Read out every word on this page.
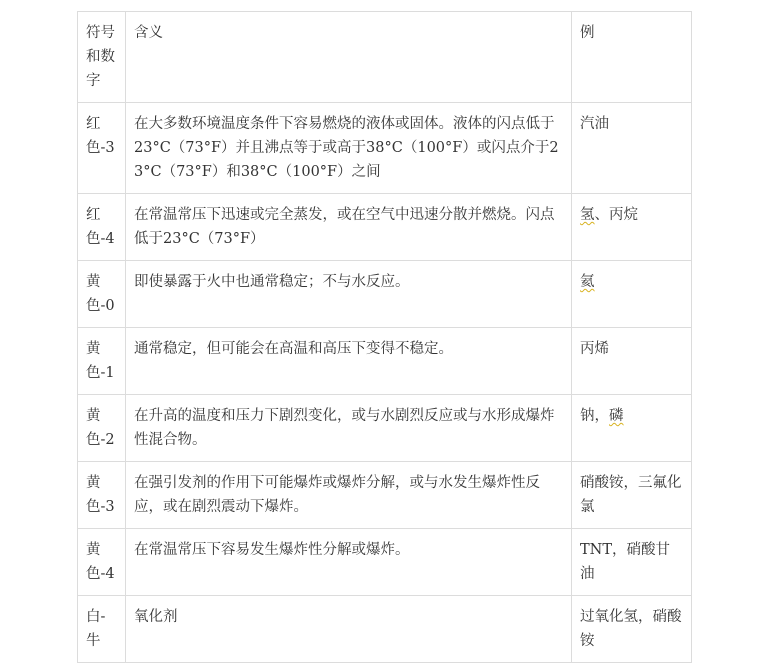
符号和数字	含义	例
红色-3	在大多数环境温度条件下容易燃烧的液体或固体。液体的闪点低于23°C（73°F）并且沸点等于或高于38°C（100°F）或闪点介于23°C（73°F）和38°C（100°F）之间	汽油
红色-4	在常温常压下迅速或完全蒸发，或在空气中迅速分散并燃烧。闪点低于23°C（73°F）	氢、丙烷
黄色-0	即使暴露于火中也通常稳定；不与水反应。	氦
黄色-1	通常稳定，但可能会在高温和高压下变得不稳定。	丙烯
黄色-2	在升高的温度和压力下剧烈变化，或与水剧烈反应或与水形成爆炸性混合物。	钠，磷
黄色-3	在强引发剂的作用下可能爆炸或爆炸分解，或与水发生爆炸性反应，或在剧烈震动下爆炸。	硝酸铵，三氟化氯
黄色-4	在常温常压下容易发生爆炸性分解或爆炸。	TNT，硝酸甘油
白-牛	氧化剂	过氧化氢，硝酸铵
